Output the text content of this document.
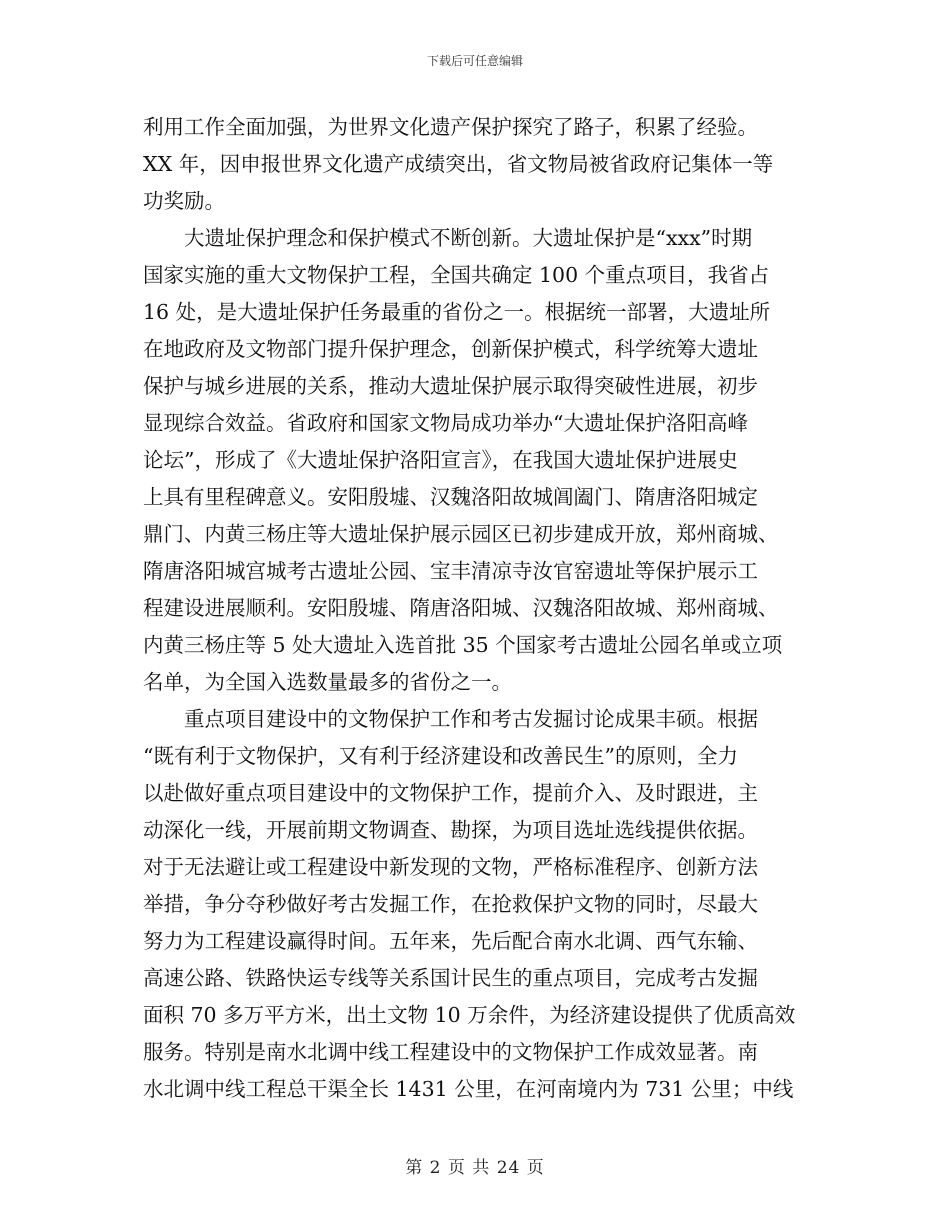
下载后可任意编辑
利用工作全面加强，为世界文化遗产保护探究了路子，积累了经验。
XX 年，因申报世界文化遗产成绩突出，省文物局被省政府记集体一等
功奖励。
　　大遗址保护理念和保护模式不断创新。大遗址保护是“xxx”时期
国家实施的重大文物保护工程，全国共确定 100 个重点项目，我省占
16 处，是大遗址保护任务最重的省份之一。根据统一部署，大遗址所
在地政府及文物部门提升保护理念，创新保护模式，科学统筹大遗址
保护与城乡进展的关系，推动大遗址保护展示取得突破性进展，初步
显现综合效益。省政府和国家文物局成功举办“大遗址保护洛阳高峰
论坛”，形成了《大遗址保护洛阳宣言》，在我国大遗址保护进展史
上具有里程碑意义。安阳殷墟、汉魏洛阳故城阊阖门、隋唐洛阳城定
鼎门、内黄三杨庄等大遗址保护展示园区已初步建成开放，郑州商城、
隋唐洛阳城宫城考古遗址公园、宝丰清凉寺汝官窑遗址等保护展示工
程建设进展顺利。安阳殷墟、隋唐洛阳城、汉魏洛阳故城、郑州商城、
内黄三杨庄等 5 处大遗址入选首批 35 个国家考古遗址公园名单或立项
名单，为全国入选数量最多的省份之一。
　　重点项目建设中的文物保护工作和考古发掘讨论成果丰硕。根据
“既有利于文物保护，又有利于经济建设和改善民生”的原则，全力
以赴做好重点项目建设中的文物保护工作，提前介入、及时跟进，主
动深化一线，开展前期文物调查、勘探，为项目选址选线提供依据。
对于无法避让或工程建设中新发现的文物，严格标准程序、创新方法
举措，争分夺秒做好考古发掘工作，在抢救保护文物的同时，尽最大
努力为工程建设赢得时间。五年来，先后配合南水北调、西气东输、
高速公路、铁路快运专线等关系国计民生的重点项目，完成考古发掘
面积 70 多万平方米，出土文物 10 万余件，为经济建设提供了优质高效
服务。特别是南水北调中线工程建设中的文物保护工作成效显著。南
水北调中线工程总干渠全长 1431 公里，在河南境内为 731 公里；中线
第 2 页 共 24 页
